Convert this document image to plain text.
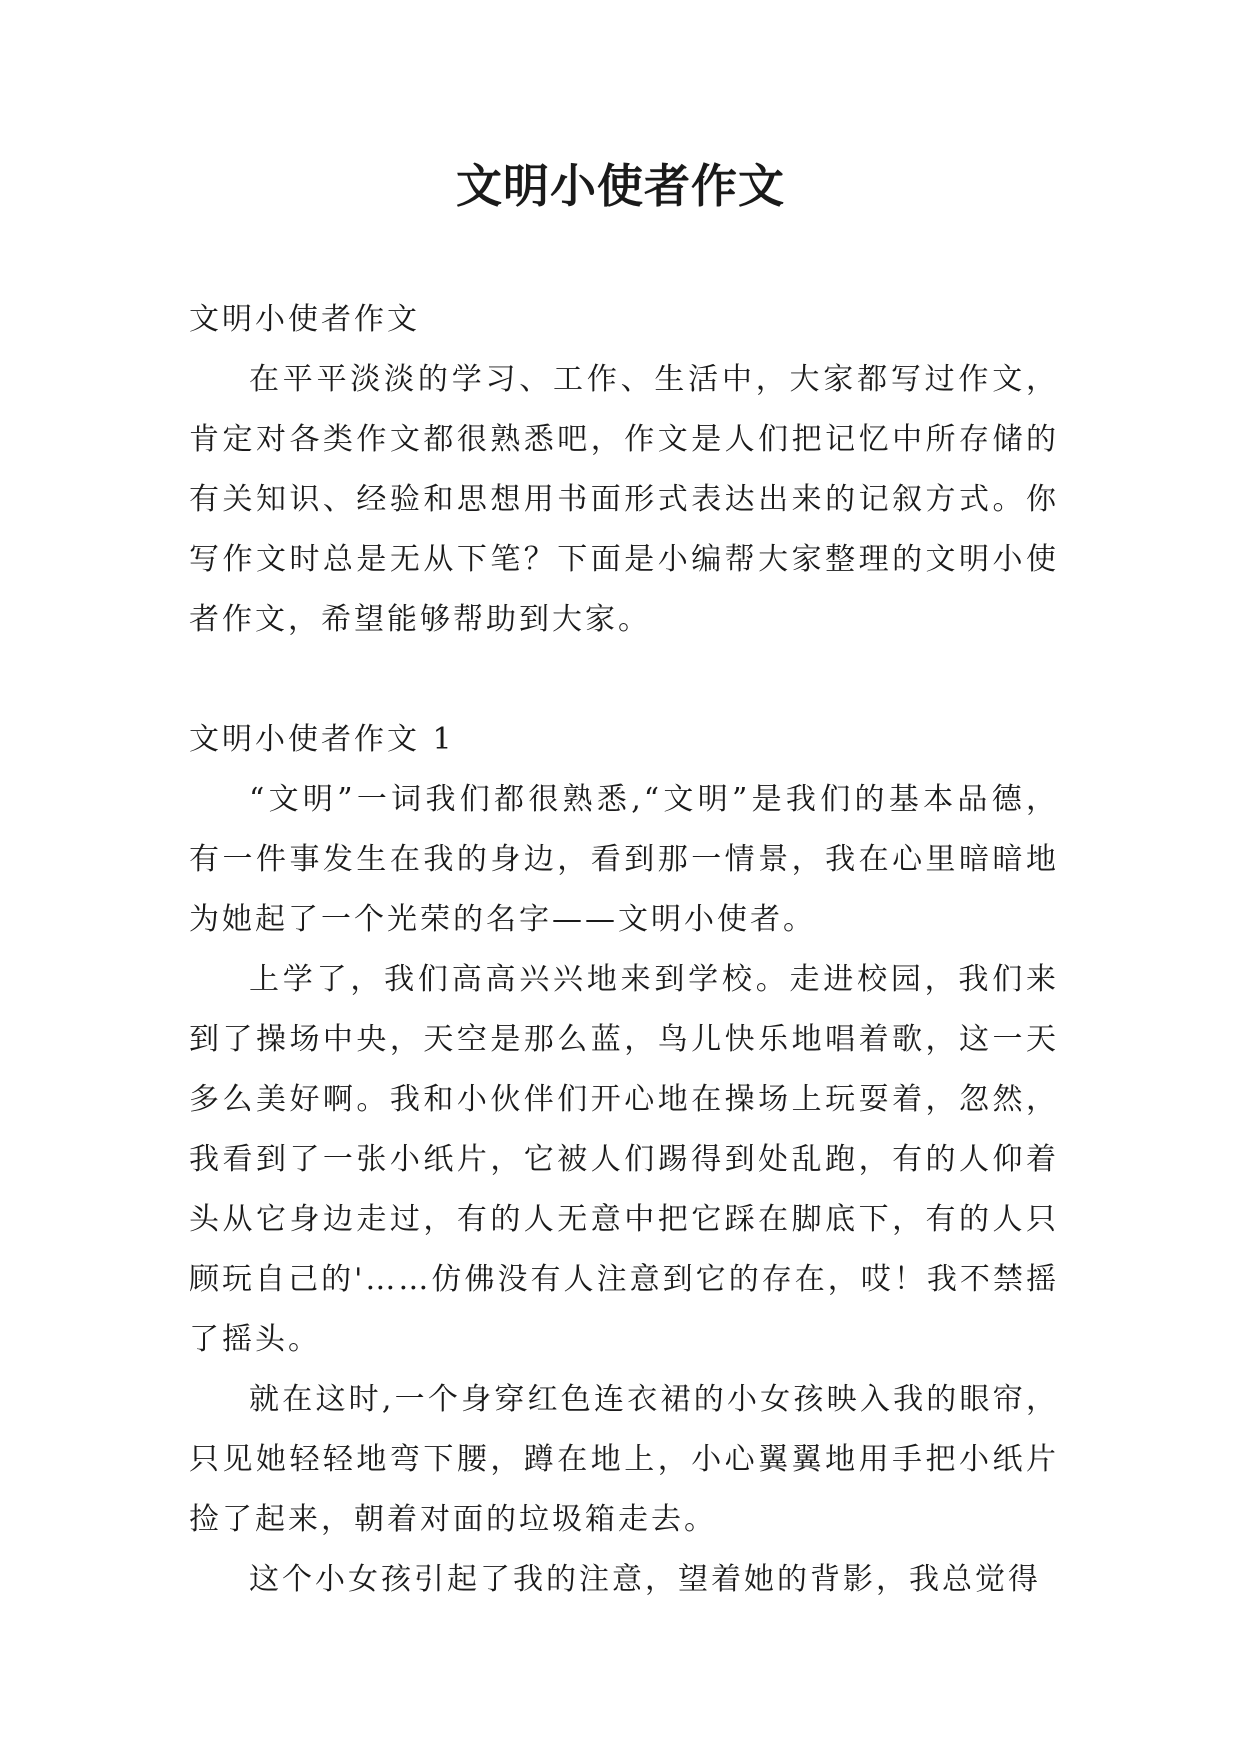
文明小使者作文

文明小使者作文

在平平淡淡的学习、工作、生活中，大家都写过作文，肯定对各类作文都很熟悉吧，作文是人们把记忆中所存储的有关知识、经验和思想用书面形式表达出来的记叙方式。你写作文时总是无从下笔？下面是小编帮大家整理的文明小使者作文，希望能够帮助到大家。

文明小使者作文 1

“文明”一词我们都很熟悉,“文明”是我们的基本品德，有一件事发生在我的身边，看到那一情景，我在心里暗暗地为她起了一个光荣的名字——文明小使者。

上学了，我们高高兴兴地来到学校。走进校园，我们来到了操场中央，天空是那么蓝，鸟儿快乐地唱着歌，这一天多么美好啊。我和小伙伴们开心地在操场上玩耍着，忽然，我看到了一张小纸片，它被人们踢得到处乱跑，有的人仰着头从它身边走过，有的人无意中把它踩在脚底下，有的人只顾玩自己的'……仿佛没有人注意到它的存在，哎！我不禁摇了摇头。

就在这时,一个身穿红色连衣裙的小女孩映入我的眼帘，只见她轻轻地弯下腰，蹲在地上，小心翼翼地用手把小纸片捡了起来，朝着对面的垃圾箱走去。

这个小女孩引起了我的注意，望着她的背影，我总觉得
